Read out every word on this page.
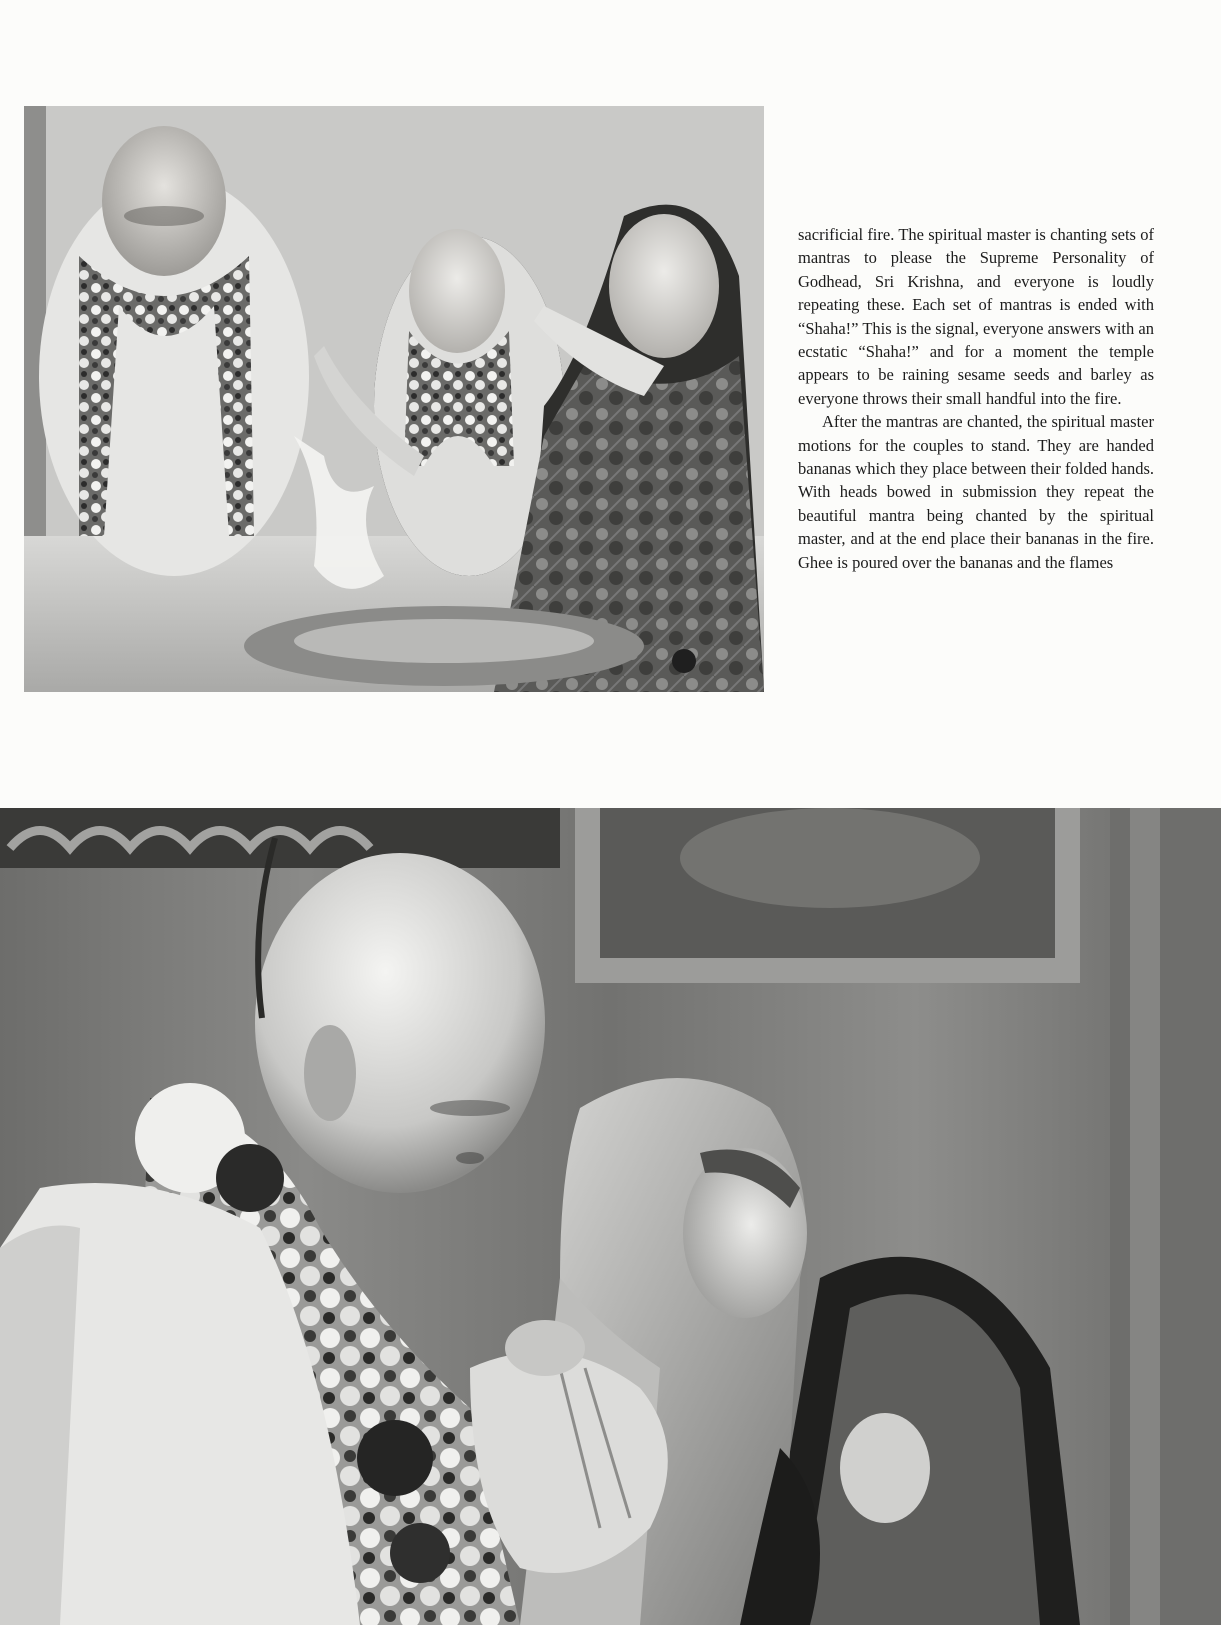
sacrificial fire. The spiritual master is chanting sets of mantras to please the Supreme Personality of Godhead, Sri Krishna, and everyone is loudly repeating these. Each set of mantras is ended with “Shaha!” This is the signal, everyone answers with an ecstatic “Shaha!” and for a moment the temple appears to be raining sesame seeds and barley as everyone throws their small handful into the fire.

After the mantras are chanted, the spiritual master motions for the couples to stand. They are handed bananas which they place between their folded hands. With heads bowed in submission they repeat the beautiful mantra being chanted by the spiritual master, and at the end place their bananas in the fire. Ghee is poured over the bananas and the flames
